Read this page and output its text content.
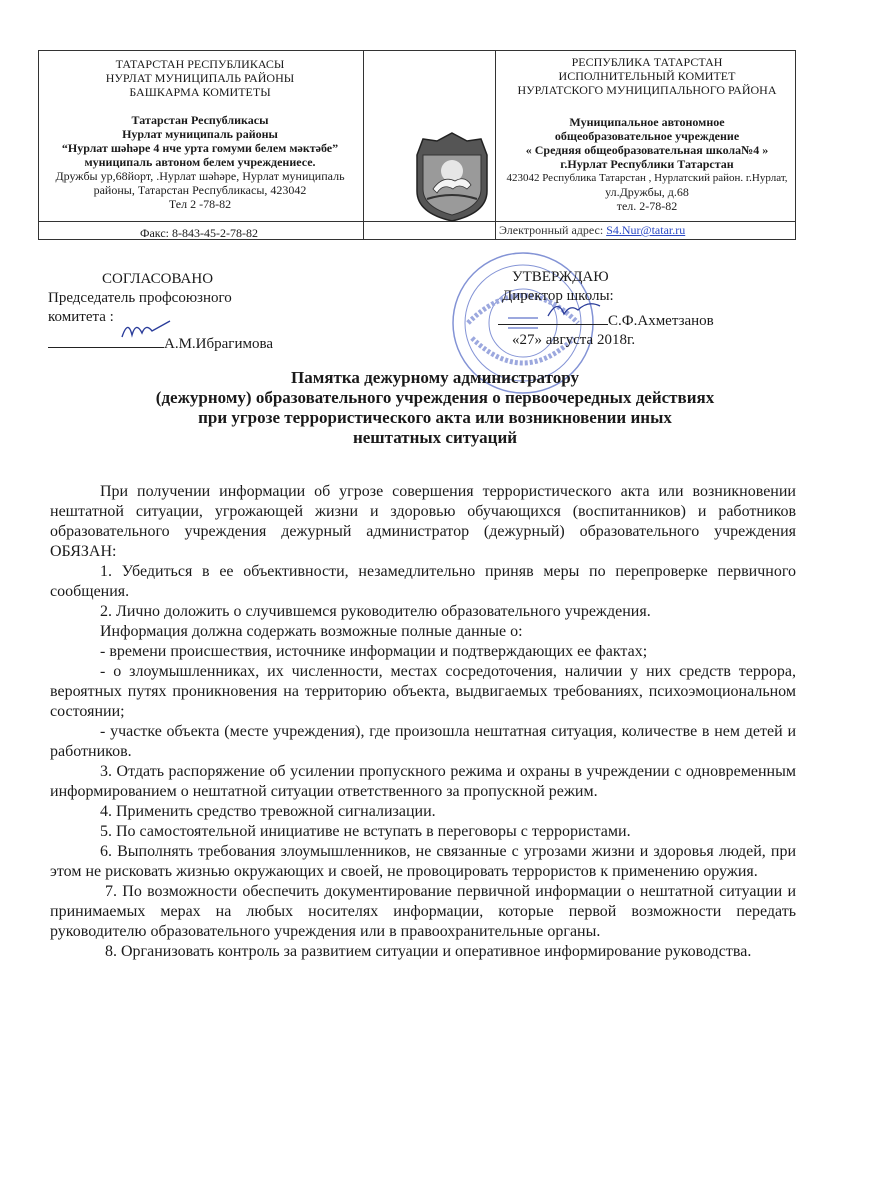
ТАТАРСТАН РЕСПУБЛИКАСЫ
НУРЛАТ МУНИЦИПАЛЬ РАЙОНЫ
БАШКАРМА КОМИТЕТЫ
Татарстан Республикасы
Нурлат муниципаль районы
“Нурлат шәһәре 4 нче урта гомуми белем мәктәбе”
муниципаль автоном белем учреждениесе.
Дружбы ур,68йорт, .Нурлат шәһәре, Нурлат муниципаль
районы, Татарстан Республикасы, 423042
Тел 2 -78-82
Факс: 8-843-45-2-78-82
РЕСПУБЛИКА ТАТАРСТАН
ИСПОЛНИТЕЛЬНЫЙ КОМИТЕТ
НУРЛАТСКОГО МУНИЦИПАЛЬНОГО РАЙОНА
Муниципальное автономное
общеобразовательное учреждение
« Средняя общеобразовательная школа№4 »
г.Нурлат Республики Татарстан
423042 Республика Татарстан , Нурлатский район. г.Нурлат,
ул.Дружбы, д.68
тел. 2-78-82
Электронный адрес: S4.Nur@tatar.ru
СОГЛАСОВАНО
Председатель профсоюзного
комитета :
А.М.Ибрагимова
УТВЕРЖДАЮ
Директор школы:
С.Ф.Ахметзанов
«27» августа 2018г.
Памятка дежурному администратору
(дежурному) образовательного учреждения о первоочередных действиях
при угрозе террористического акта или возникновении иных
нештатных ситуаций

При получении информации об угрозе совершения террористического акта или возникновении нештатной ситуации, угрожающей жизни и здоровью обучающихся (воспитанников) и работников образовательного учреждения дежурный администратор (дежурный) образовательного учреждения ОБЯЗАН:

1. Убедиться в ее объективности, незамедлительно приняв меры по перепроверке первичного сообщения.

2. Лично доложить о случившемся руководителю образовательного учреждения.

Информация должна содержать возможные полные данные о:

- времени происшествия, источнике информации и подтверждающих ее фактах;

- о злоумышленниках, их численности, местах сосредоточения, наличии у них средств террора, вероятных путях проникновения на территорию объекта, выдвигаемых требованиях, психоэмоциональном состоянии;

- участке объекта (месте учреждения), где произошла нештатная ситуация, количестве в нем детей и работников.

3. Отдать распоряжение об усилении пропускного режима и охраны в учреждении с одновременным информированием о нештатной ситуации ответственного за пропускной режим.

4. Применить средство тревожной сигнализации.

5. По самостоятельной инициативе не вступать в переговоры с террористами.

6. Выполнять требования злоумышленников, не связанные с угрозами жизни и здоровья людей, при этом не рисковать жизнью окружающих и своей, не провоцировать террористов к применению оружия.

7. По возможности обеспечить документирование первичной информации о нештатной ситуации и принимаемых мерах на любых носителях информации, которые первой возможности передать руководителю образовательного учреждения или в правоохранительные органы.

8. Организовать контроль за развитием ситуации и оперативное информирование руководства.
